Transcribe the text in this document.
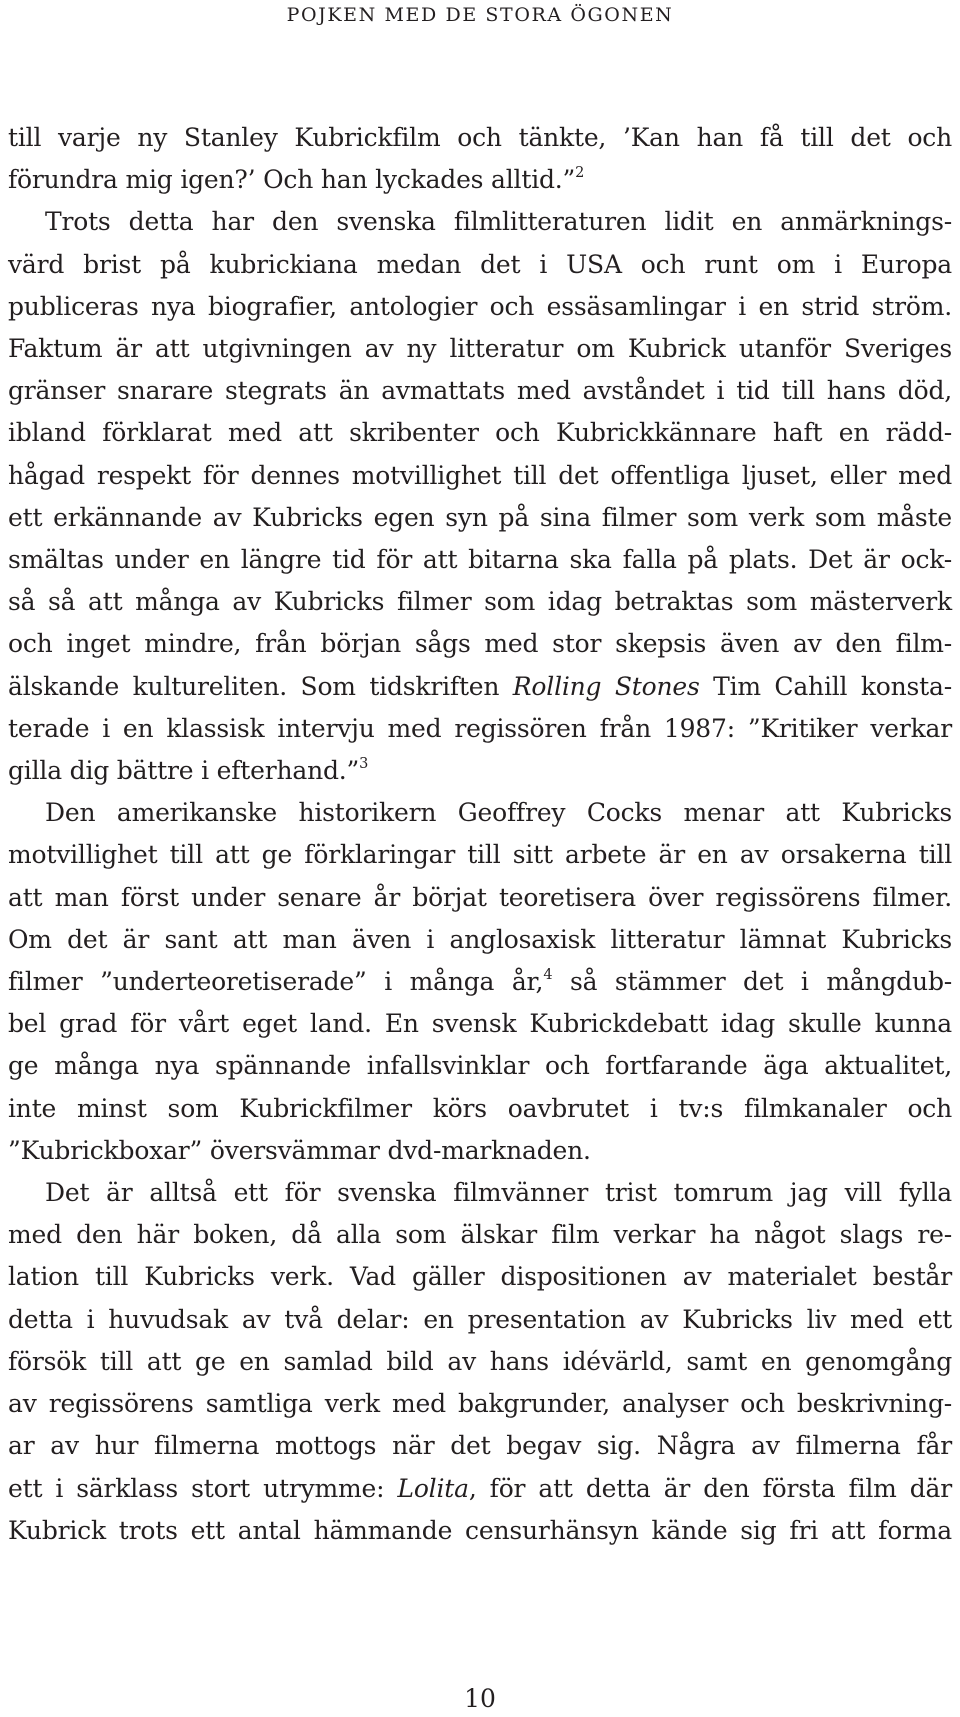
POJKEN MED DE STORA ÖGONEN
till varje ny Stanley Kubrickfilm och tänkte, ’Kan han få till det och
förundra mig igen?’ Och han lyckades alltid.”$^2$
Trots detta har den svenska filmlitteraturen lidit en anmärknings-
värd brist på kubrickiana medan det i USA och runt om i Europa
publiceras nya biografier, antologier och essäsamlingar i en strid ström.
Faktum är att utgivningen av ny litteratur om Kubrick utanför Sveriges
gränser snarare stegrats än avmattats med avståndet i tid till hans död,
ibland förklarat med att skribenter och Kubrickkännare haft en rädd-
hågad respekt för dennes motvillighet till det offentliga ljuset, eller med
ett erkännande av Kubricks egen syn på sina filmer som verk som måste
smältas under en längre tid för att bitarna ska falla på plats. Det är ock-
så så att många av Kubricks filmer som idag betraktas som mästerverk
och inget mindre, från början sågs med stor skepsis även av den film-
älskande kultureliten. Som tidskriften Rolling Stones Tim Cahill konsta-
terade i en klassisk intervju med regissören från 1987: ”Kritiker verkar
gilla dig bättre i efterhand.”$^3$
Den amerikanske historikern Geoffrey Cocks menar att Kubricks
motvillighet till att ge förklaringar till sitt arbete är en av orsakerna till
att man först under senare år börjat teoretisera över regissörens filmer.
Om det är sant att man även i anglosaxisk litteratur lämnat Kubricks
filmer ”underteoretiserade” i många år,$^4$ så stämmer det i mångdub-
bel grad för vårt eget land. En svensk Kubrickdebatt idag skulle kunna
ge många nya spännande infallsvinklar och fortfarande äga aktualitet,
inte minst som Kubrickfilmer körs oavbrutet i tv:s filmkanaler och
”Kubrickboxar” översvämmar dvd-marknaden.
Det är alltså ett för svenska filmvänner trist tomrum jag vill fylla
med den här boken, då alla som älskar film verkar ha något slags re-
lation till Kubricks verk. Vad gäller dispositionen av materialet består
detta i huvudsak av två delar: en presentation av Kubricks liv med ett
försök till att ge en samlad bild av hans idévärld, samt en genomgång
av regissörens samtliga verk med bakgrunder, analyser och beskrivning-
ar av hur filmerna mottogs när det begav sig. Några av filmerna får
ett i särklass stort utrymme: Lolita, för att detta är den första film där
Kubrick trots ett antal hämmande censurhänsyn kände sig fri att forma
10
